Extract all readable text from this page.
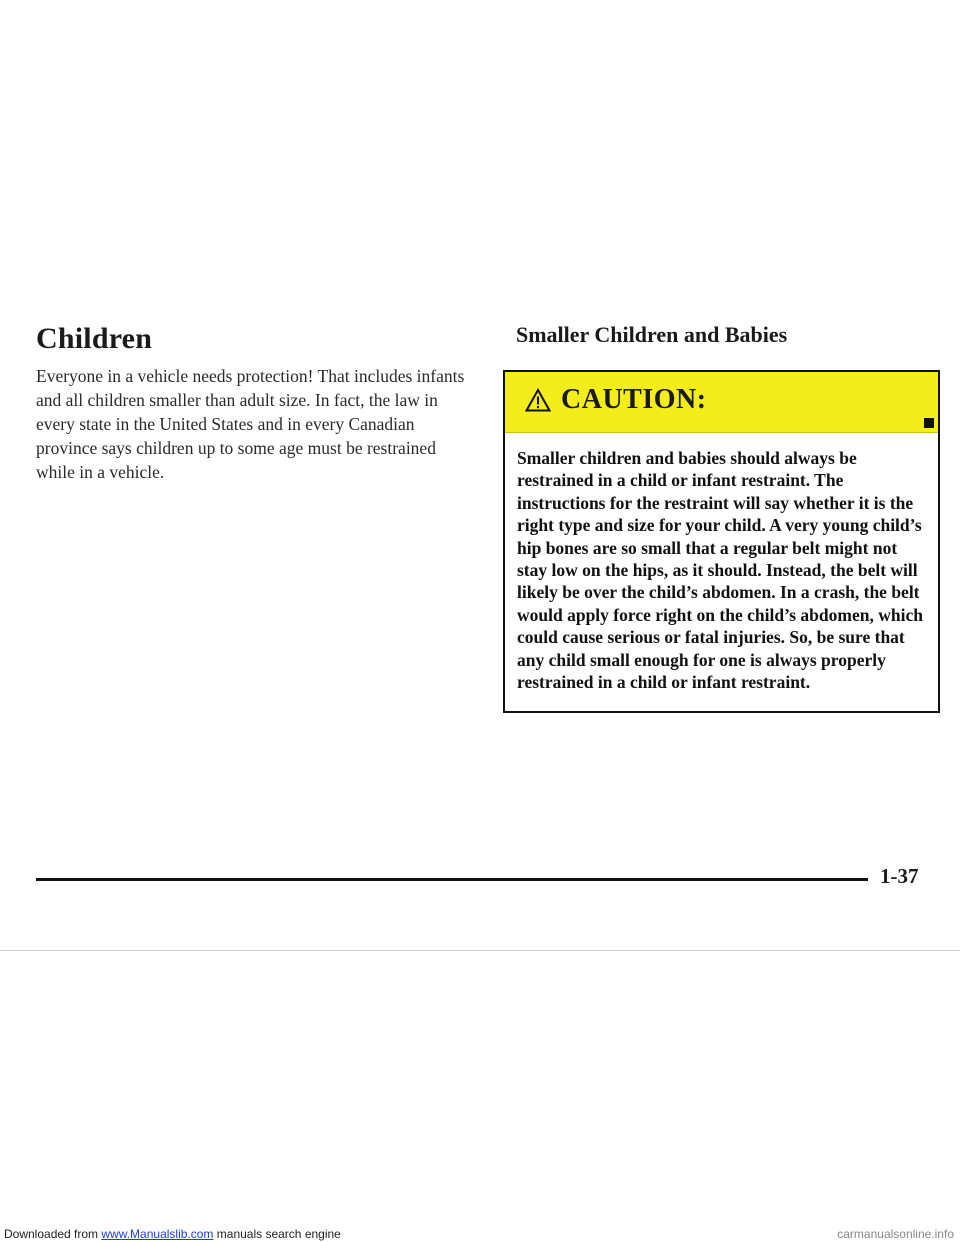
Children

Everyone in a vehicle needs protection! That includes infants and all children smaller than adult size. In fact, the law in every state in the United States and in every Canadian province says children up to some age must be restrained while in a vehicle.

Smaller Children and Babies
CAUTION:
Smaller children and babies should always be restrained in a child or infant restraint. The instructions for the restraint will say whether it is the right type and size for your child. A very young child’s hip bones are so small that a regular belt might not stay low on the hips, as it should. Instead, the belt will likely be over the child’s abdomen. In a crash, the belt would apply force right on the child’s abdomen, which could cause serious or fatal injuries. So, be sure that any child small enough for one is always properly restrained in a child or infant restraint.
1-37
Downloaded from www.Manualslib.com manuals search engine	carmanualsonline.info
